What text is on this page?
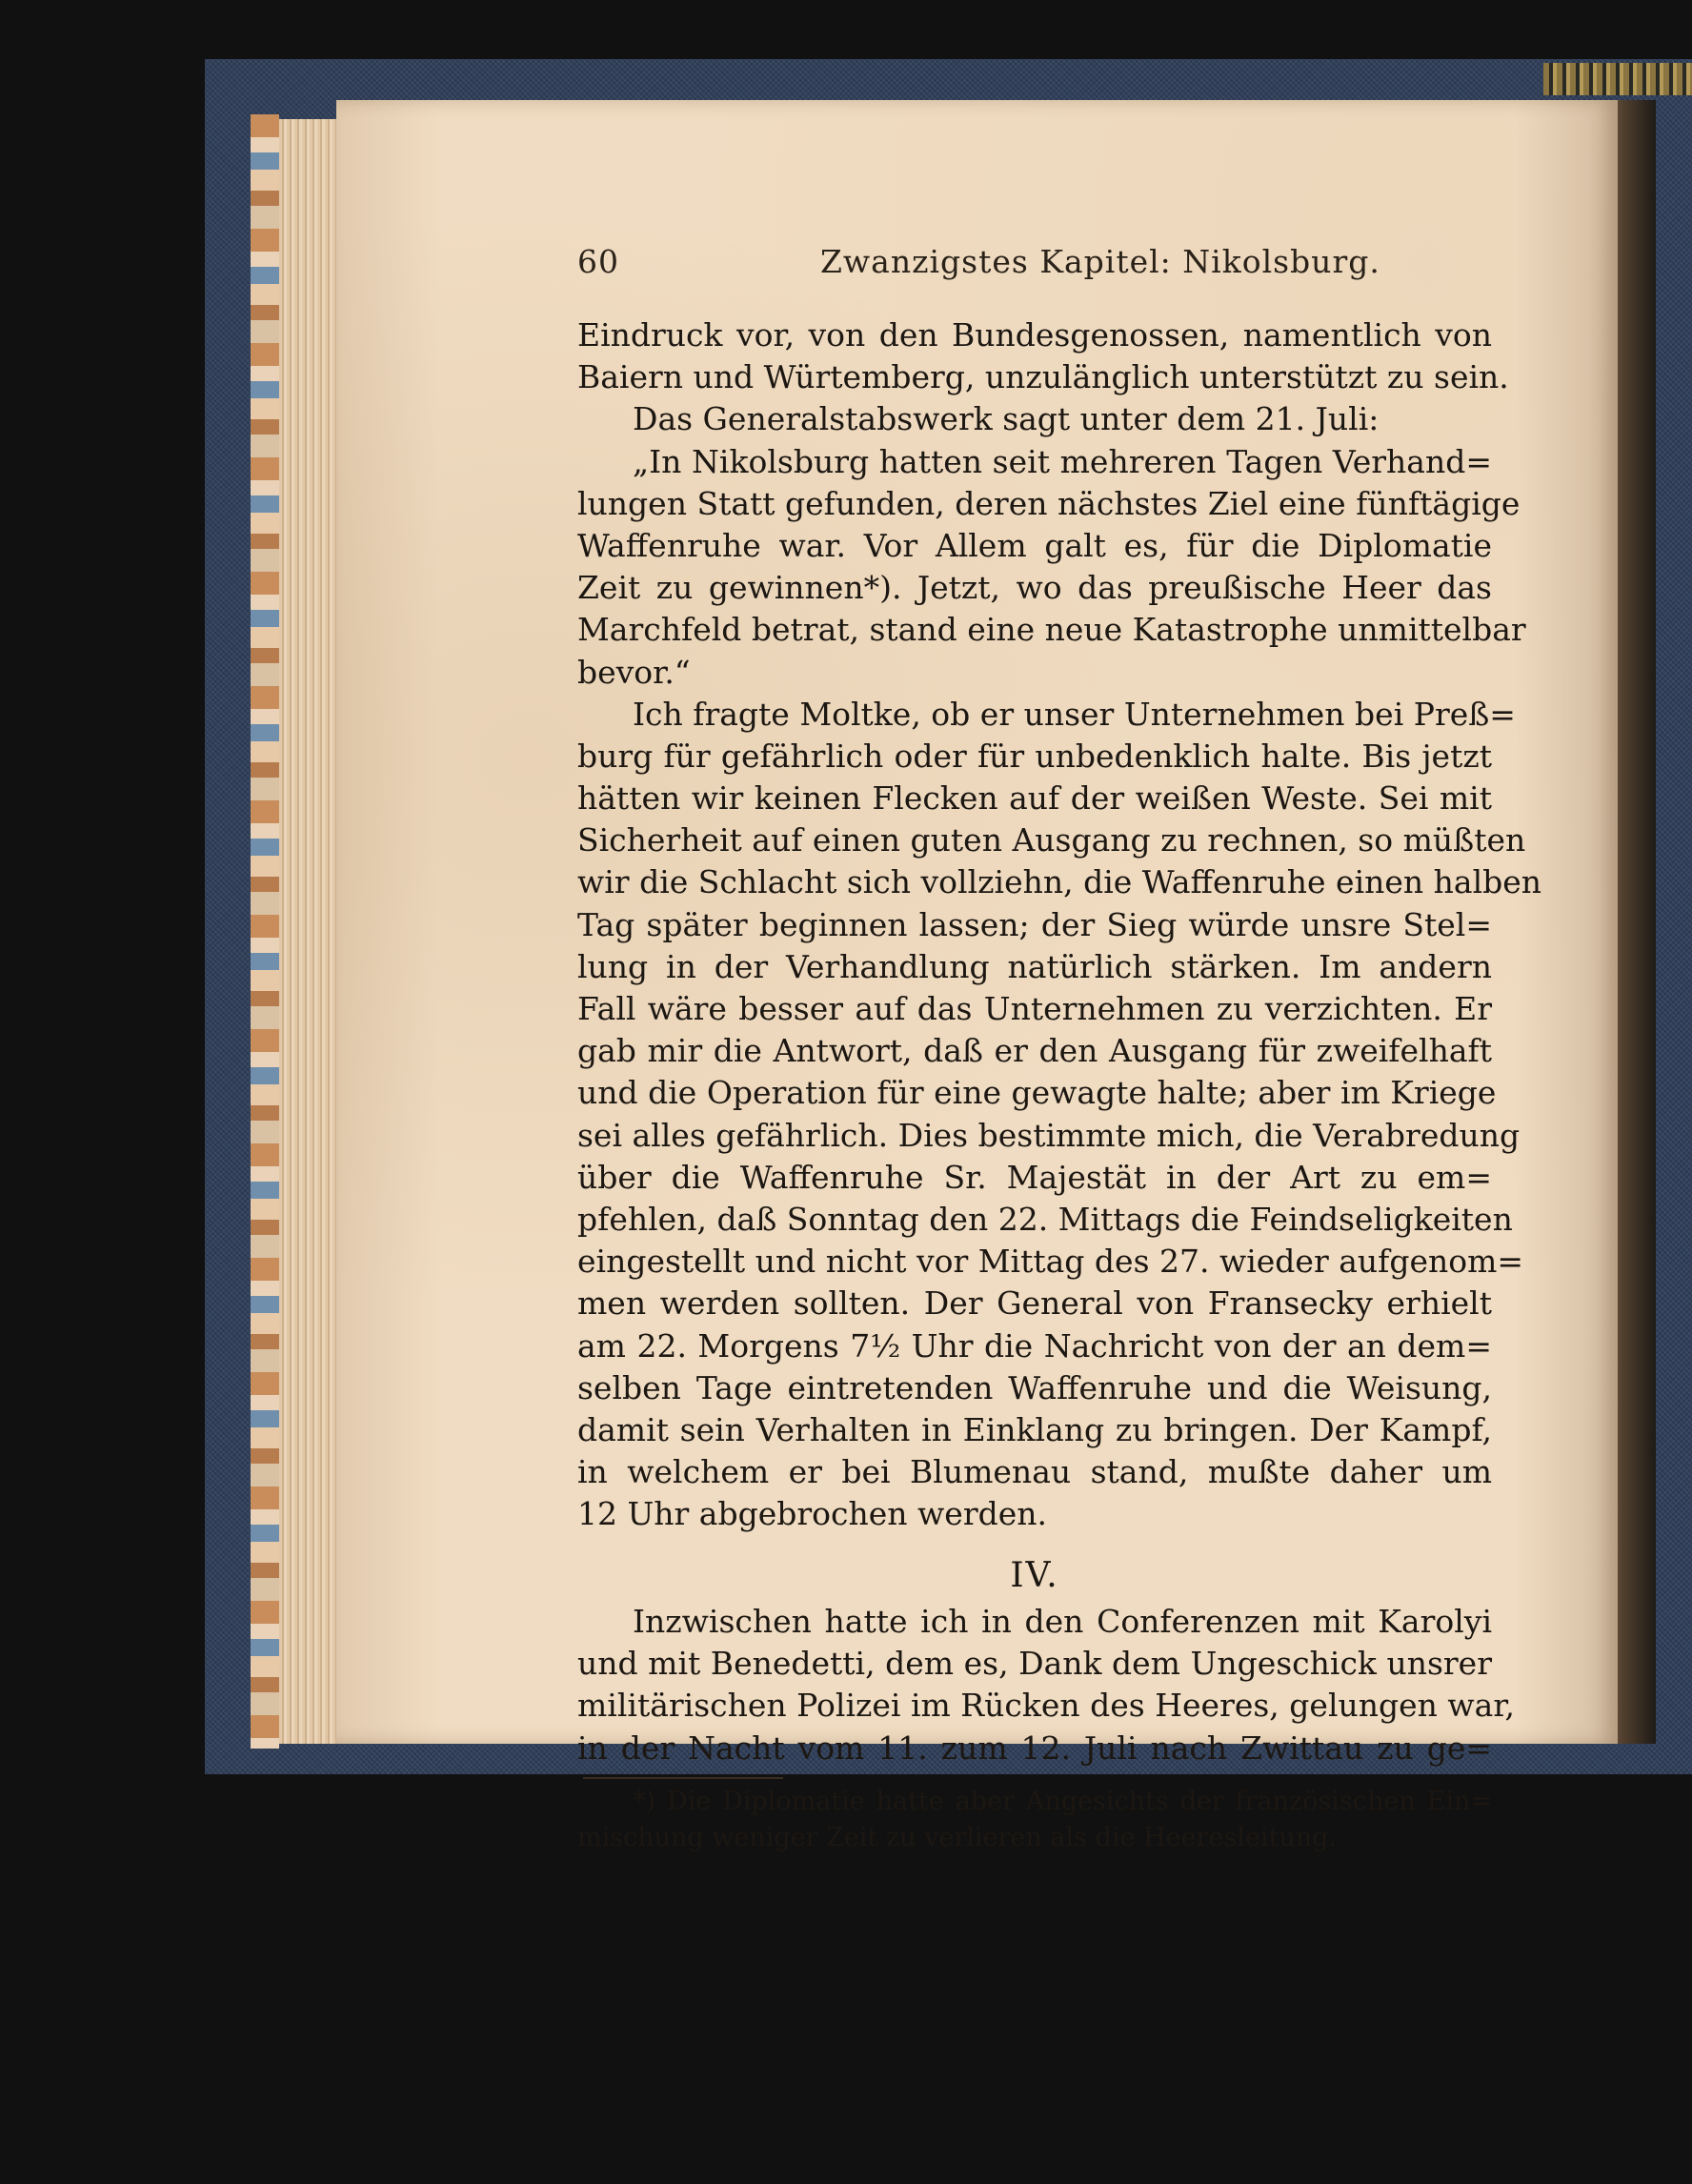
60	Zwanzigstes Kapitel: Nikolsburg.
Eindruck vor, von den Bundesgenossen, namentlich von
Baiern und Würtemberg, unzulänglich unterstützt zu sein.
Das Generalstabswerk sagt unter dem 21. Juli:
„In Nikolsburg hatten seit mehreren Tagen Verhand=
lungen Statt gefunden, deren nächstes Ziel eine fünftägige
Waffenruhe war. Vor Allem galt es, für die Diplomatie
Zeit zu gewinnen*). Jetzt, wo das preußische Heer das
Marchfeld betrat, stand eine neue Katastrophe unmittelbar
bevor.“
Ich fragte Moltke, ob er unser Unternehmen bei Preß=
burg für gefährlich oder für unbedenklich halte. Bis jetzt
hätten wir keinen Flecken auf der weißen Weste. Sei mit
Sicherheit auf einen guten Ausgang zu rechnen, so müßten
wir die Schlacht sich vollziehn, die Waffenruhe einen halben
Tag später beginnen lassen; der Sieg würde unsre Stel=
lung in der Verhandlung natürlich stärken. Im andern
Fall wäre besser auf das Unternehmen zu verzichten. Er
gab mir die Antwort, daß er den Ausgang für zweifelhaft
und die Operation für eine gewagte halte; aber im Kriege
sei alles gefährlich. Dies bestimmte mich, die Verabredung
über die Waffenruhe Sr. Majestät in der Art zu em=
pfehlen, daß Sonntag den 22. Mittags die Feindseligkeiten
eingestellt und nicht vor Mittag des 27. wieder aufgenom=
men werden sollten. Der General von Fransecky erhielt
am 22. Morgens 7½ Uhr die Nachricht von der an dem=
selben Tage eintretenden Waffenruhe und die Weisung,
damit sein Verhalten in Einklang zu bringen. Der Kampf,
in welchem er bei Blumenau stand, mußte daher um
12 Uhr abgebrochen werden.
IV.
Inzwischen hatte ich in den Conferenzen mit Karolyi
und mit Benedetti, dem es, Dank dem Ungeschick unsrer
militärischen Polizei im Rücken des Heeres, gelungen war,
in der Nacht vom 11. zum 12. Juli nach Zwittau zu ge=
*) Die Diplomatie hatte aber Angesichts der französischen Ein=
mischung weniger Zeit zu verlieren als die Heeresleitung.
